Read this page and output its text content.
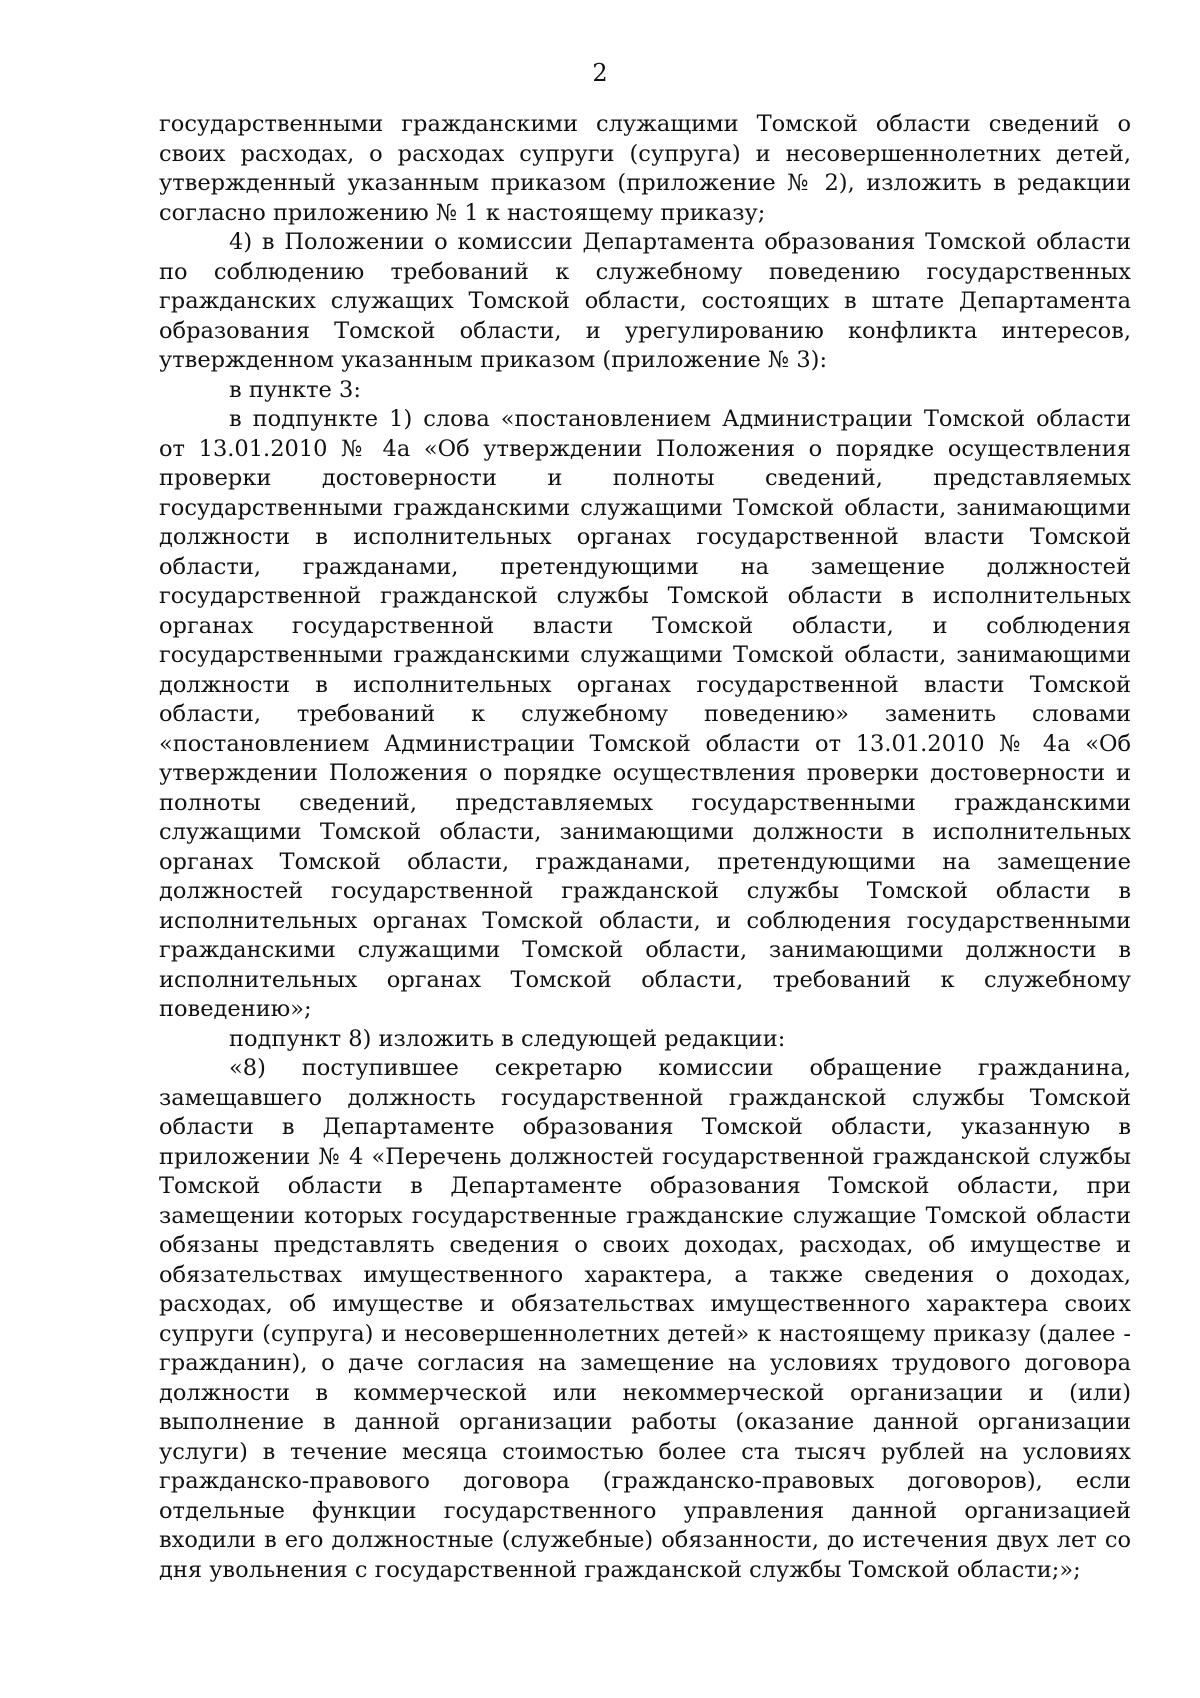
2

государственными гражданскими служащими Томской области сведений о своих расходах, о расходах супруги (супруга) и несовершеннолетних детей, утвержденный указанным приказом (приложение № 2), изложить в редакции согласно приложению № 1 к настоящему приказу;

4) в Положении о комиссии Департамента образования Томской области по соблюдению требований к служебному поведению государственных гражданских служащих Томской области, состоящих в штате Департамента образования Томской области, и урегулированию конфликта интересов, утвержденном указанным приказом (приложение № 3):

в пункте 3:

в подпункте 1) слова «постановлением Администрации Томской области от 13.01.2010 № 4а «Об утверждении Положения о порядке осуществления проверки достоверности и полноты сведений, представляемых государственными гражданскими служащими Томской области, занимающими должности в исполнительных органах государственной власти Томской области, гражданами, претендующими на замещение должностей государственной гражданской службы Томской области в исполнительных органах государственной власти Томской области, и соблюдения государственными гражданскими служащими Томской области, занимающими должности в исполнительных органах государственной власти Томской области, требований к служебному поведению» заменить словами «постановлением Администрации Томской области от 13.01.2010 № 4а «Об утверждении Положения о порядке осуществления проверки достоверности и полноты сведений, представляемых государственными гражданскими служащими Томской области, занимающими должности в исполнительных органах Томской области, гражданами, претендующими на замещение должностей государственной гражданской службы Томской области в исполнительных органах Томской области, и соблюдения государственными гражданскими служащими Томской области, занимающими должности в исполнительных органах Томской области, требований к служебному поведению»;

подпункт 8) изложить в следующей редакции:

«8) поступившее секретарю комиссии обращение гражданина, замещавшего должность государственной гражданской службы Томской области в Департаменте образования Томской области, указанную в приложении № 4 «Перечень должностей государственной гражданской службы Томской области в Департаменте образования Томской области, при замещении которых государственные гражданские служащие Томской области обязаны представлять сведения о своих доходах, расходах, об имуществе и обязательствах имущественного характера, а также сведения о доходах, расходах, об имуществе и обязательствах имущественного характера своих супруги (супруга) и несовершеннолетних детей» к настоящему приказу (далее - гражданин), о даче согласия на замещение на условиях трудового договора должности в коммерческой или некоммерческой организации и (или) выполнение в данной организации работы (оказание данной организации услуги) в течение месяца стоимостью более ста тысяч рублей на условиях гражданско-правового договора (гражданско-правовых договоров), если отдельные функции государственного управления данной организацией входили в его должностные (служебные) обязанности, до истечения двух лет со дня увольнения с государственной гражданской службы Томской области;»;
